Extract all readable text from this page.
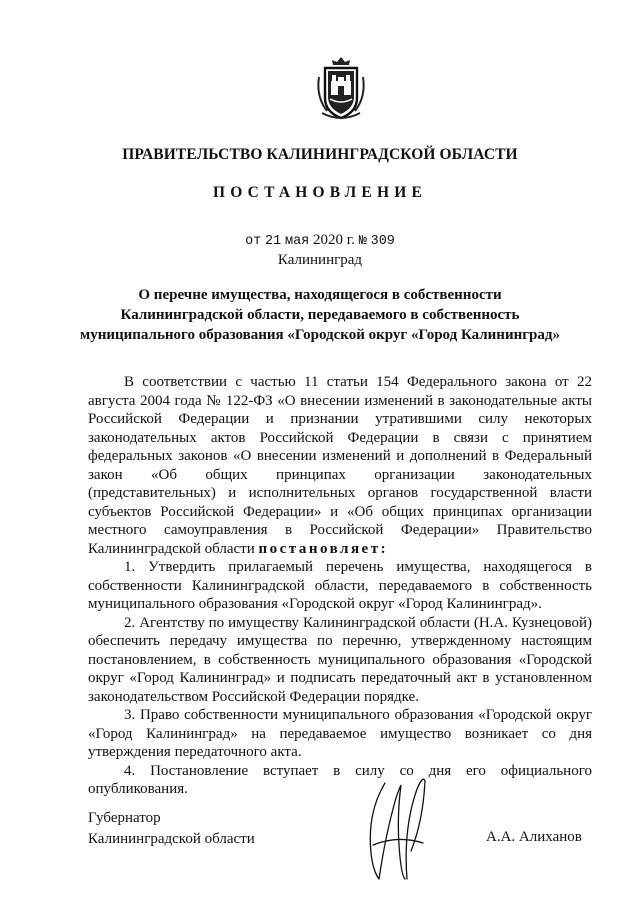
ПРАВИТЕЛЬСТВО КАЛИНИНГРАДСКОЙ ОБЛАСТИ
ПОСТАНОВЛЕНИЕ
от 21 мая 2020 г. № 309
Калининград
О перечне имущества, находящегося в собственности
Калининградской области, передаваемого в собственность
муниципального образования «Городской округ «Город Калининград»

В соответствии с частью 11 статьи 154 Федерального закона от 22 августа 2004 года № 122-ФЗ «О внесении изменений в законодательные акты Российской Федерации и признании утратившими силу некоторых законодательных актов Российской Федерации в связи с принятием федеральных законов «О внесении изменений и дополнений в Федеральный закон «Об общих принципах организации законодательных (представительных) и исполнительных органов государственной власти субъектов Российской Федерации» и «Об общих принципах организации местного самоуправления в Российской Федерации» Правительство Калининградской области постановляет:

1. Утвердить прилагаемый перечень имущества, находящегося в собственности Калининградской области, передаваемого в собственность муниципального образования «Городской округ «Город Калининград».

2. Агентству по имуществу Калининградской области (Н.А. Кузнецовой) обеспечить передачу имущества по перечню, утвержденному настоящим постановлением, в собственность муниципального образования «Городской округ «Город Калининград» и подписать передаточный акт в установленном законодательством Российской Федерации порядке.

3. Право собственности муниципального образования «Городской округ «Город Калининград» на передаваемое имущество возникает со дня утверждения передаточного акта.

4. Постановление вступает в силу со дня его официального опубликования.

Губернатор
Калининградской области	А.А. Алиханов
